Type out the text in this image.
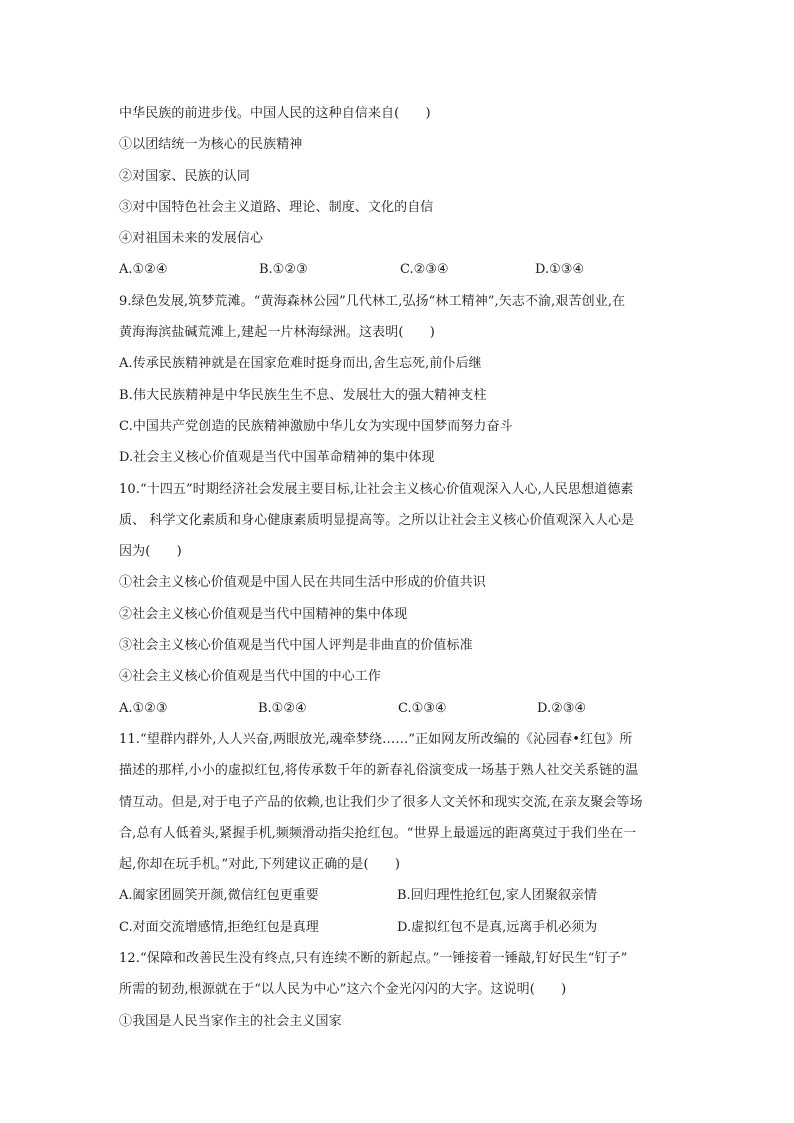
中华民族的前进步伐。中国人民的这种自信来自(　　)
①以团结统一为核心的民族精神
②对国家、民族的认同
③对中国特色社会主义道路、理论、制度、文化的自信
④对祖国未来的发展信心
A.①②④	B.①②③	C.②③④	D.①③④
9.绿色发展,筑梦荒滩。“黄海森林公园”几代林工,弘扬“林工精神”,矢志不渝,艰苦创业,在
黄海海滨盐碱荒滩上,建起一片林海绿洲。这表明(　　)
A.传承民族精神就是在国家危难时挺身而出,舍生忘死,前仆后继
B.伟大民族精神是中华民族生生不息、发展壮大的强大精神支柱
C.中国共产党创造的民族精神激励中华儿女为实现中国梦而努力奋斗
D.社会主义核心价值观是当代中国革命精神的集中体现
10.“十四五”时期经济社会发展主要目标,让社会主义核心价值观深入人心,人民思想道德素
质、 科学文化素质和身心健康素质明显提高等。之所以让社会主义核心价值观深入人心是
因为(　　)
①社会主义核心价值观是中国人民在共同生活中形成的价值共识
②社会主义核心价值观是当代中国精神的集中体现
③社会主义核心价值观是当代中国人评判是非曲直的价值标准
④社会主义核心价值观是当代中国的中心工作
A.①②③	B.①②④	C.①③④	D.②③④
11.“望群内群外,人人兴奋,两眼放光,魂牵梦绕……”正如网友所改编的《沁园春•红包》所
描述的那样,小小的虚拟红包,将传承数千年的新春礼俗演变成一场基于熟人社交关系链的温
情互动。但是,对于电子产品的依赖,也让我们少了很多人文关怀和现实交流,在亲友聚会等场
合,总有人低着头,紧握手机,频频滑动指尖抢红包。“世界上最遥远的距离莫过于我们坐在一
起,你却在玩手机。”对此,下列建议正确的是(　　)
A.阖家团圆笑开颜,微信红包更重要	B.回归理性抢红包,家人团聚叙亲情
C.对面交流增感情,拒绝红包是真理	D.虚拟红包不是真,远离手机必须为
12.“保障和改善民生没有终点,只有连续不断的新起点。”一锤接着一锤敲,钉好民生“钉子”
所需的韧劲,根源就在于“以人民为中心”这六个金光闪闪的大字。这说明(　　)
①我国是人民当家作主的社会主义国家
